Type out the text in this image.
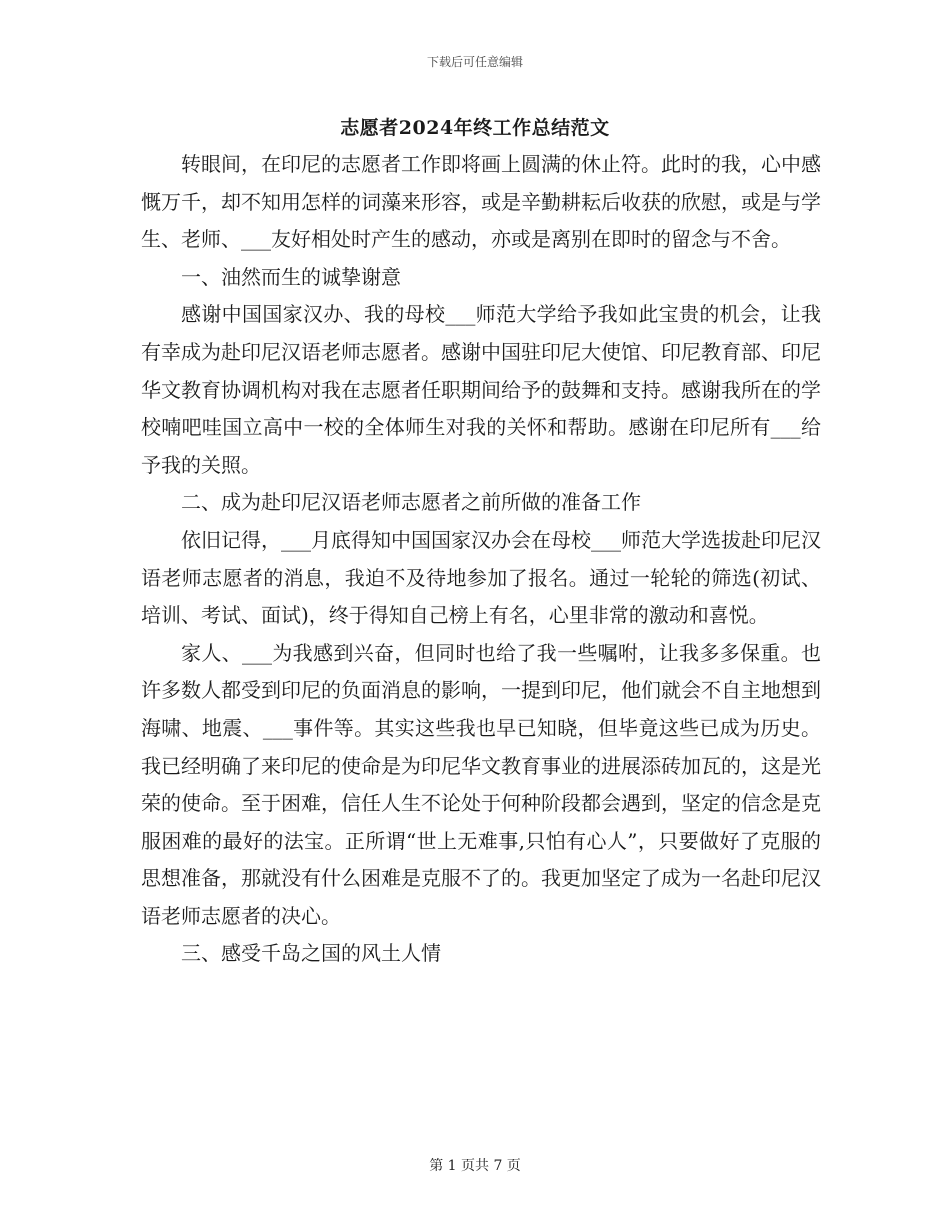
下载后可任意编辑
志愿者2024年终工作总结范文

转眼间，在印尼的志愿者工作即将画上圆满的休止符。此时的我，心中感慨万千，却不知用怎样的词藻来形容，或是辛勤耕耘后收获的欣慰，或是与学生、老师、___友好相处时产生的感动，亦或是离别在即时的留念与不舍。

一、油然而生的诚挚谢意

感谢中国国家汉办、我的母校___师范大学给予我如此宝贵的机会，让我有幸成为赴印尼汉语老师志愿者。感谢中国驻印尼大使馆、印尼教育部、印尼华文教育协调机构对我在志愿者任职期间给予的鼓舞和支持。感谢我所在的学校喃吧哇国立高中一校的全体师生对我的关怀和帮助。感谢在印尼所有___给予我的关照。

二、成为赴印尼汉语老师志愿者之前所做的准备工作

依旧记得，___月底得知中国国家汉办会在母校___师范大学选拔赴印尼汉语老师志愿者的消息，我迫不及待地参加了报名。通过一轮轮的筛选(初试、培训、考试、面试)，终于得知自己榜上有名，心里非常的激动和喜悦。

家人、___为我感到兴奋，但同时也给了我一些嘱咐，让我多多保重。也许多数人都受到印尼的负面消息的影响，一提到印尼，他们就会不自主地想到海啸、地震、___事件等。其实这些我也早已知晓，但毕竟这些已成为历史。我已经明确了来印尼的使命是为印尼华文教育事业的进展添砖加瓦的，这是光荣的使命。至于困难，信任人生不论处于何种阶段都会遇到，坚定的信念是克服困难的最好的法宝。正所谓“世上无难事,只怕有心人”，只要做好了克服的思想准备，那就没有什么困难是克服不了的。我更加坚定了成为一名赴印尼汉语老师志愿者的决心。

三、感受千岛之国的风土人情

第 1 页共 7 页
